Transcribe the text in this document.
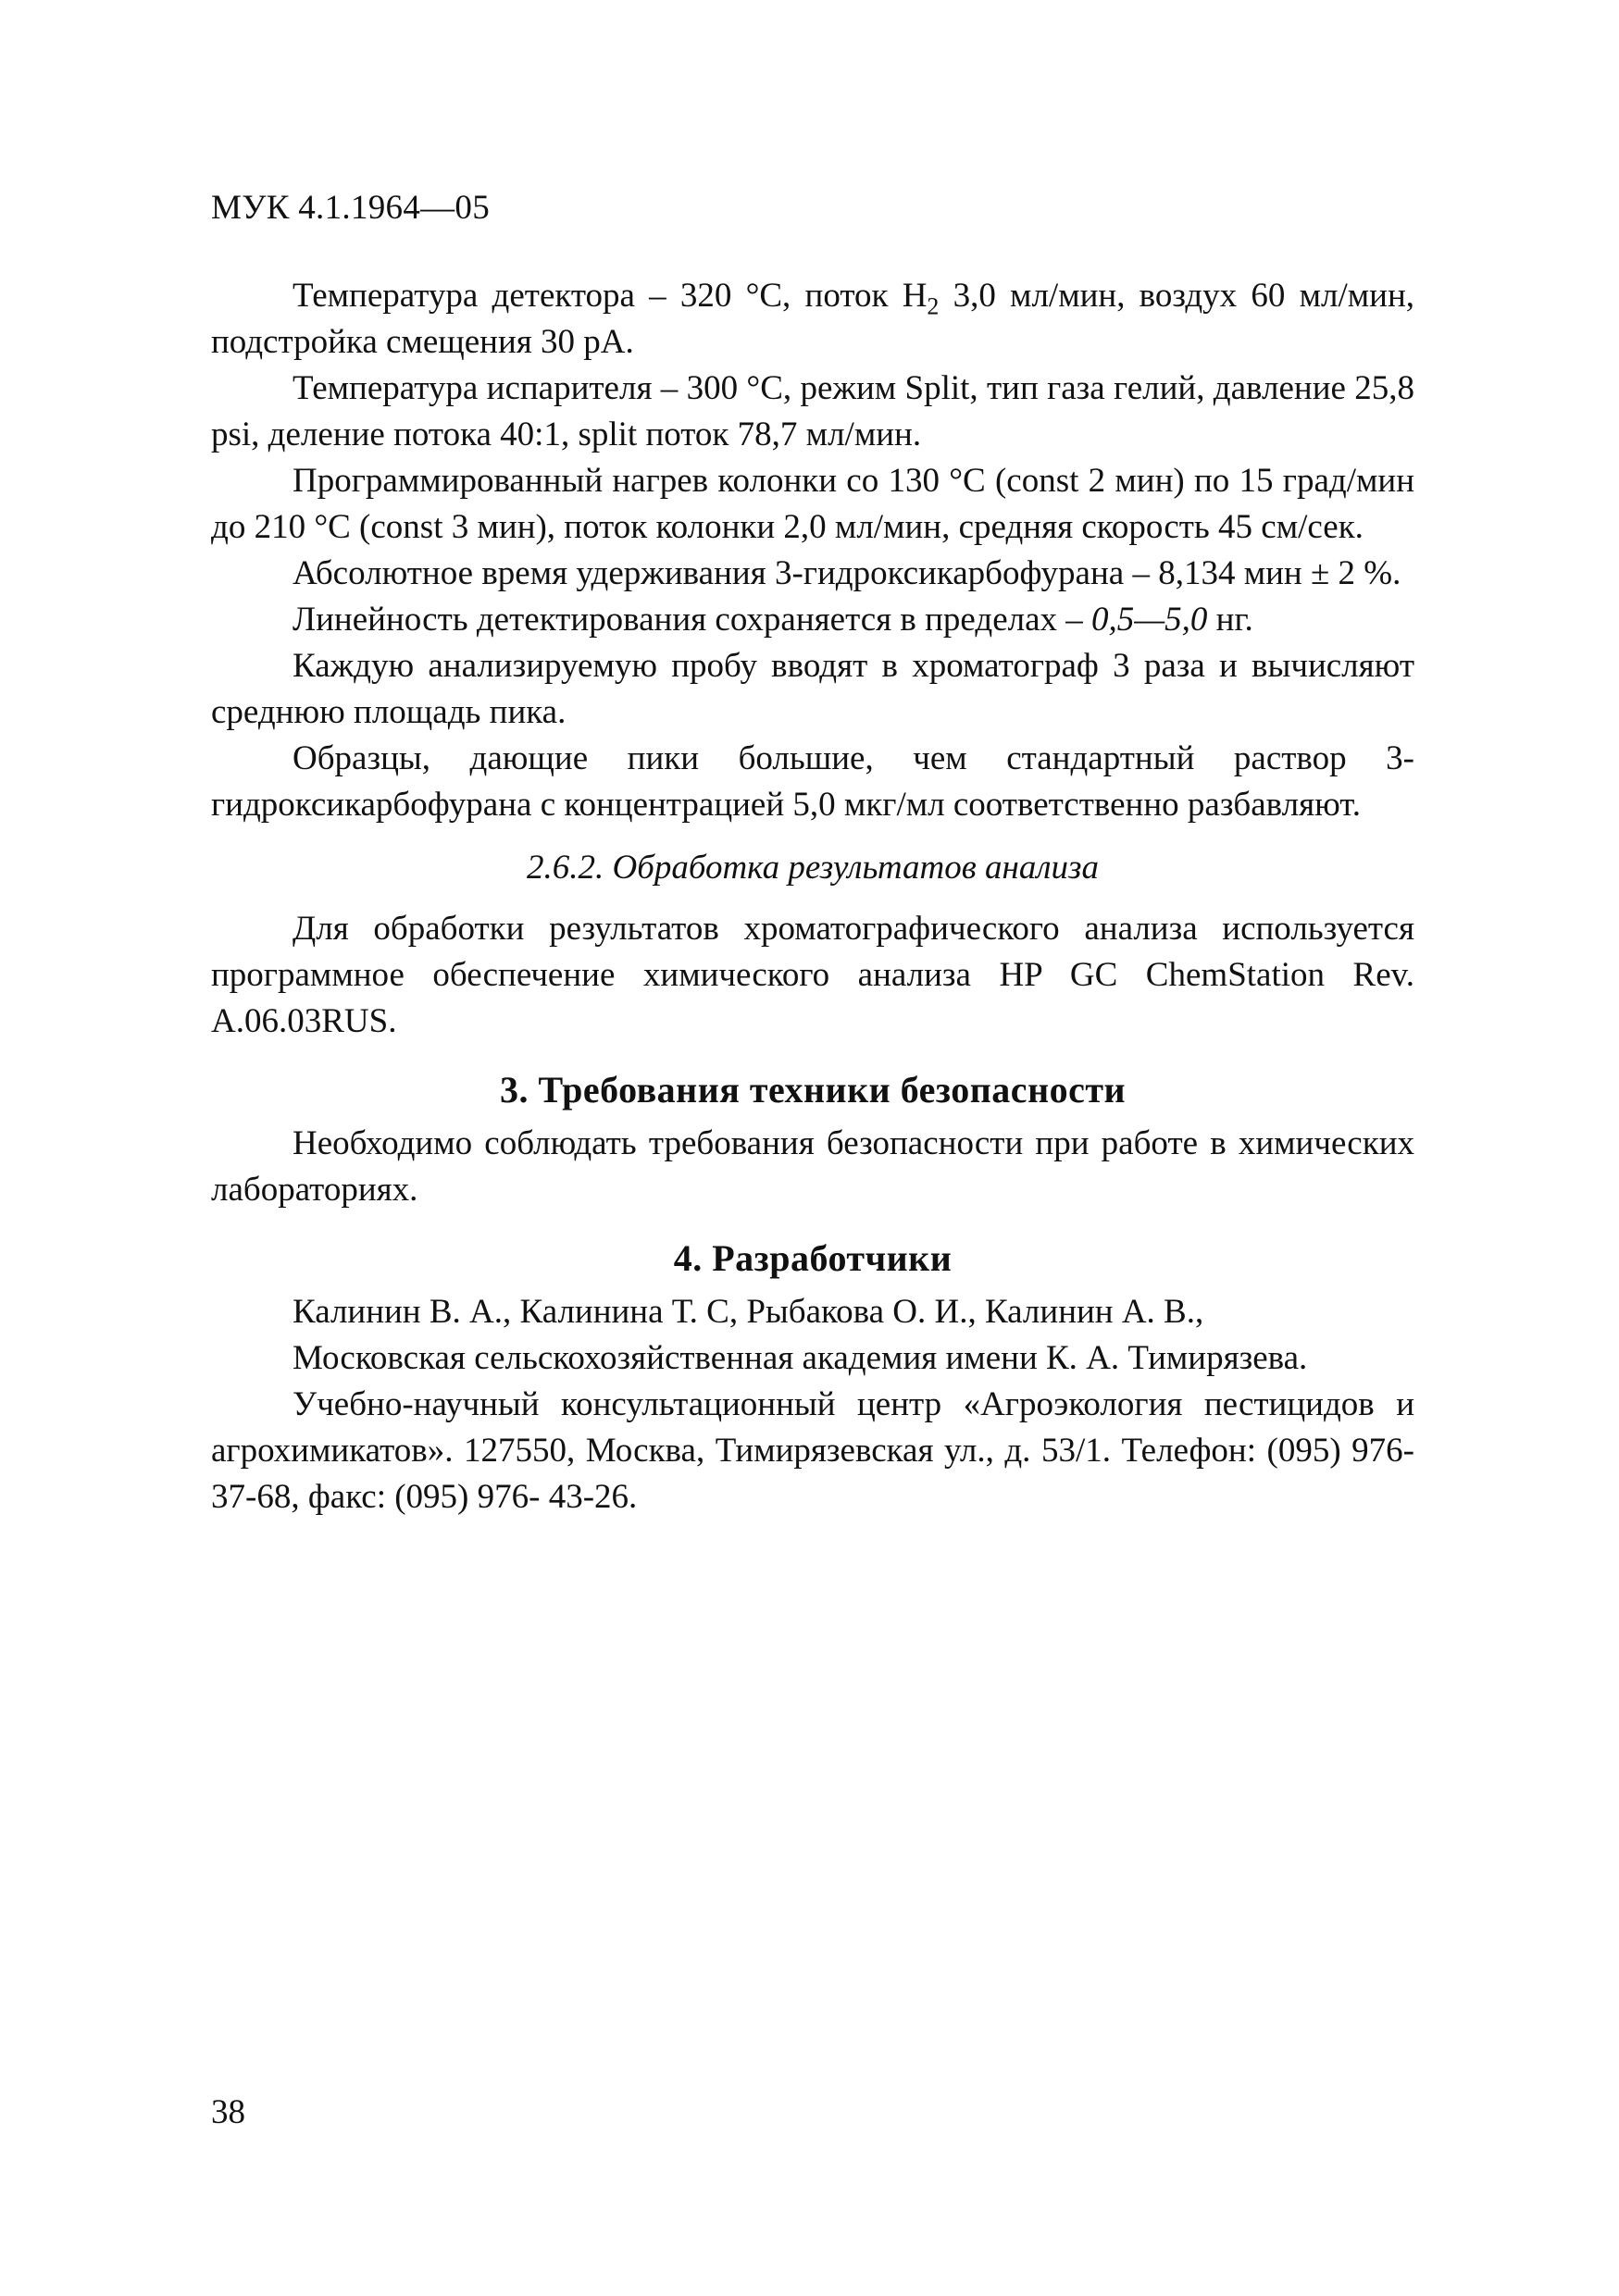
МУК 4.1.1964—05

Температура детектора – 320 °С, поток $Н_2$ 3,0 мл/мин, воздух 60 мл/мин, подстройка смещения 30 pA.

Температура испарителя – 300 °С, режим Split, тип газа гелий, давление 25,8 psi, деление потока 40:1, split поток 78,7 мл/мин.

Программированный нагрев колонки со 130 °С (const 2 мин) по 15 град/мин до 210 °С (const 3 мин), поток колонки 2,0 мл/мин, средняя скорость 45 см/сек.

Абсолютное время удерживания 3-гидроксикарбофурана – 8,134 мин ± 2 %.

Линейность детектирования сохраняется в пределах – 0,5—5,0 нг.

Каждую анализируемую пробу вводят в хроматограф 3 раза и вычисляют среднюю площадь пика.

Образцы, дающие пики большие, чем стандартный раствор 3-гидроксикарбофурана с концентрацией 5,0 мкг/мл соответственно разбавляют.

2.6.2. Обработка результатов анализа

Для обработки результатов хроматографического анализа используется программное обеспечение химического анализа HP GC ChemStation Rev. A.06.03RUS.

3. Требования техники безопасности

Необходимо соблюдать требования безопасности при работе в химических лабораториях.

4. Разработчики

Калинин В. А., Калинина Т. С, Рыбакова О. И., Калинин А. В.,

Московская сельскохозяйственная академия имени К. А. Тимирязева.

Учебно-научный консультационный центр «Агроэкология пестицидов и агрохимикатов». 127550, Москва, Тимирязевская ул., д. 53/1. Телефон: (095) 976-37-68, факс: (095) 976- 43-26.

38
